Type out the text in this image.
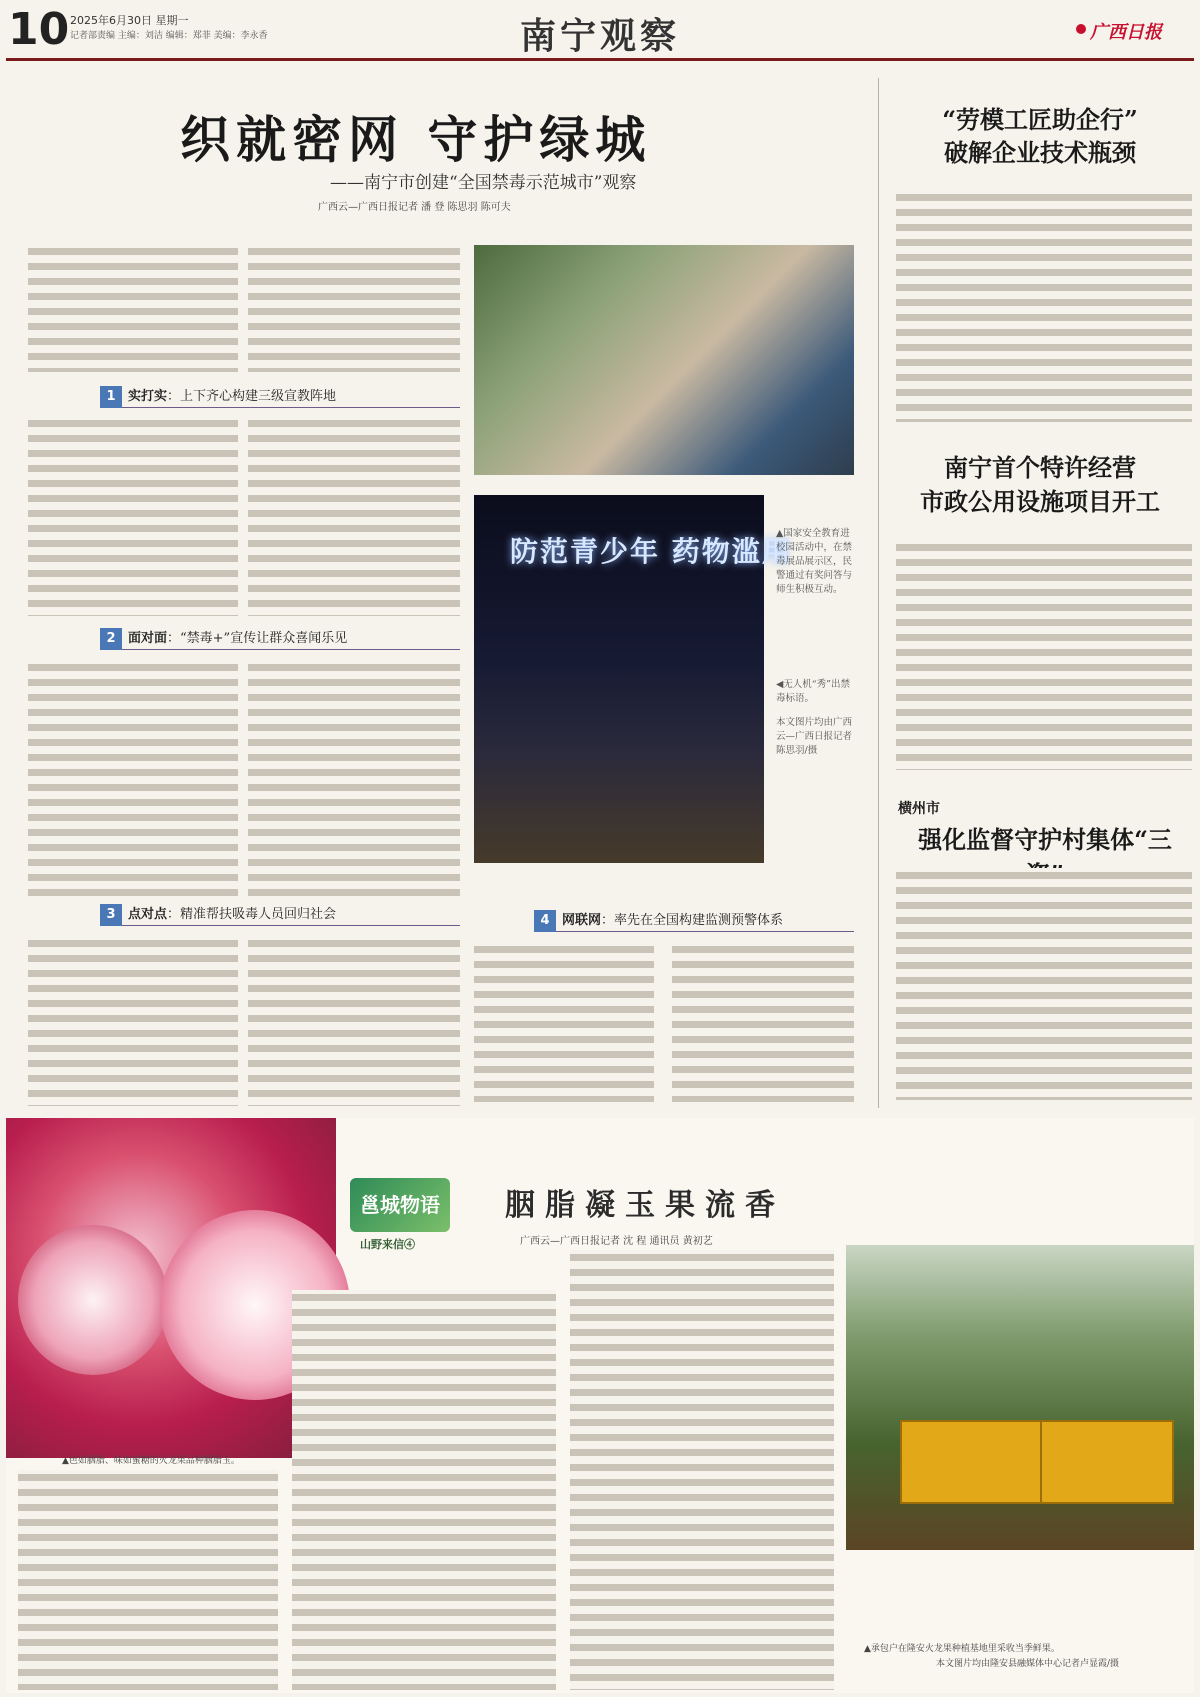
10 2025年6月30日 星期一
记者部责编 主编：刘洁 编辑：郑菲 美编：李永香	南宁观察	广西日报
织就密网 守护绿城
——南宁市创建“全国禁毒示范城市”观察
广西云—广西日报记者 潘 登 陈思羽 陈可夫
1 实打实：上下齐心构建三级宣教阵地
2 面对面：“禁毒+”宣传让群众喜闻乐见
3 点对点：精准帮扶吸毒人员回归社会	4 网联网：率先在全国构建监测预警体系
防范青少年 药物滥用
▲国家安全教育进校园活动中，在禁毒展品展示区，民警通过有奖问答与师生积极互动。
◀无人机“秀”出禁毒标语。
本文图片均由广西云—广西日报记者陈思羽/摄
“劳模工匠助企行”
破解企业技术瓶颈
南宁首个特许经营
市政公用设施项目开工
横州市
强化监督守护村集体“三
▲色如胭脂、味如蜜糖的火龙果品种胭脂玉。
邕城物语
山野来信④
胭脂凝玉果流香
广西云—广西日报记者 沈 程 通讯员 黄初艺
▲承包户在隆安火龙果种植基地里采收当季鲜果。
本文图片均由隆安县融媒体中心记者卢显霞/摄
